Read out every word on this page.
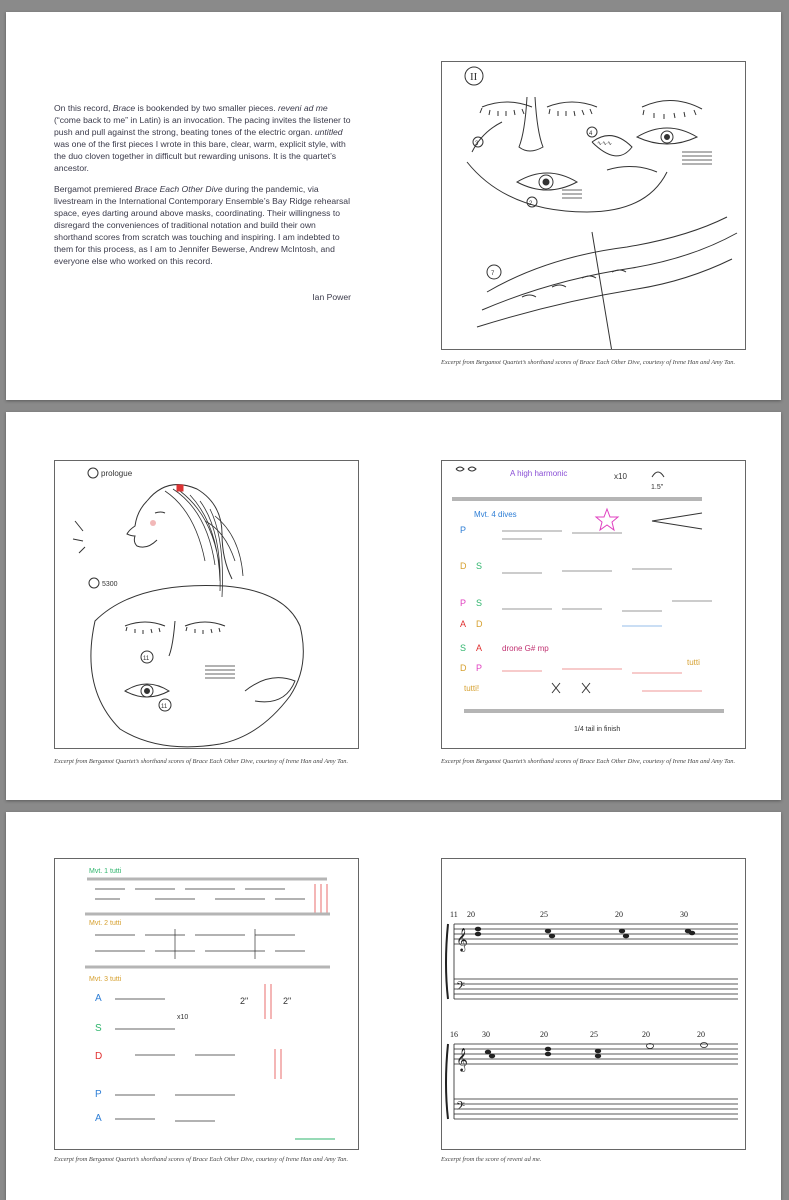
On this record, Brace is bookended by two smaller pieces. reveni ad me (“come back to me” in Latin) is an invocation. The pacing invites the listener to push and pull against the strong, beating tones of the electric organ. untitled was one of the first pieces I wrote in this bare, clear, warm, explicit style, with the duo cloven together in difficult but rewarding unisons. It is the quartet’s ancestor.

Bergamot premiered Brace Each Other Dive during the pandemic, via livestream in the International Contemporary Ensemble’s Bay Ridge rehearsal space, eyes darting around above masks, coordinating. Their willingness to disregard the conveniences of traditional notation and build their own shorthand scores from scratch was touching and inspiring. I am indebted to them for this process, as I am to Jennifer Bewerse, Andrew McIntosh, and everyone else who worked on this record.

Ian Power
II
∿∿∿
3
4
2
7
Excerpt from Bergamot Quartet’s shorthand scores of Brace Each Other Dive, courtesy of Irene Han and Amy Tan.
prologue
5300
11
11
Excerpt from Bergamot Quartet’s shorthand scores of Brace Each Other Dive, courtesy of Irene Han and Amy Tan.
A high harmonic	x10
1.5"
Mvt. 4 dives
P
D S
P S
A D
S A
D P
drone G# mp
tutti!
tutti
1/4 tail in finish
Excerpt from Bergamot Quartet’s shorthand scores of Brace Each Other Dive, courtesy of Irene Han and Amy Tan.
Mvt. 1 tutti
Mvt. 2 tutti
Mvt. 3 tutti
A
S
D
P
A
x10
2"	2"
Excerpt from Bergamot Quartet’s shorthand scores of Brace Each Other Dive, courtesy of Irene Han and Amy Tan.
11 20	25	20	30
𝄞
𝄢
16	30	20	25	20	20
𝄞
𝄢
Excerpt from the score of reveni ad me.
